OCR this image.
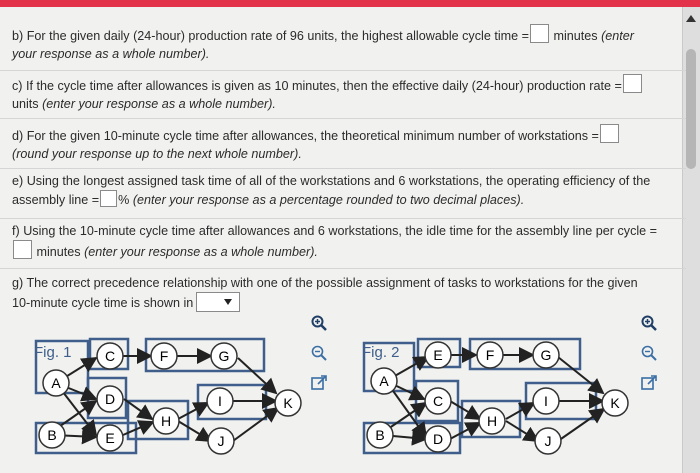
b) For the given daily (24-hour) production rate of 96 units, the highest allowable cycle time = minutes (enter
your response as a whole number).

c) If the cycle time after allowances is given as 10 minutes, then the effective daily (24-hour) production rate =
units (enter your response as a whole number).

d) For the given 10-minute cycle time after allowances, the theoretical minimum number of workstations =
(round your response up to the next whole number).

e) Using the longest assigned task time of all of the workstations and 6 workstations, the operating efficiency of the
assembly line = % (enter your response as a percentage rounded to two decimal places).

f) Using the 10-minute cycle time after allowances and 6 workstations, the idle time for the assembly line per cycle =
minutes (enter your response as a whole number).

g) The correct precedence relationship with one of the possible assignment of tasks to workstations for the given
10-minute cycle time is shown in

A
B
C
D
E
F	G
H
I
J
K
Fig. 1
A
B
E
C
D
F	G
H
I
J
K
Fig. 2
